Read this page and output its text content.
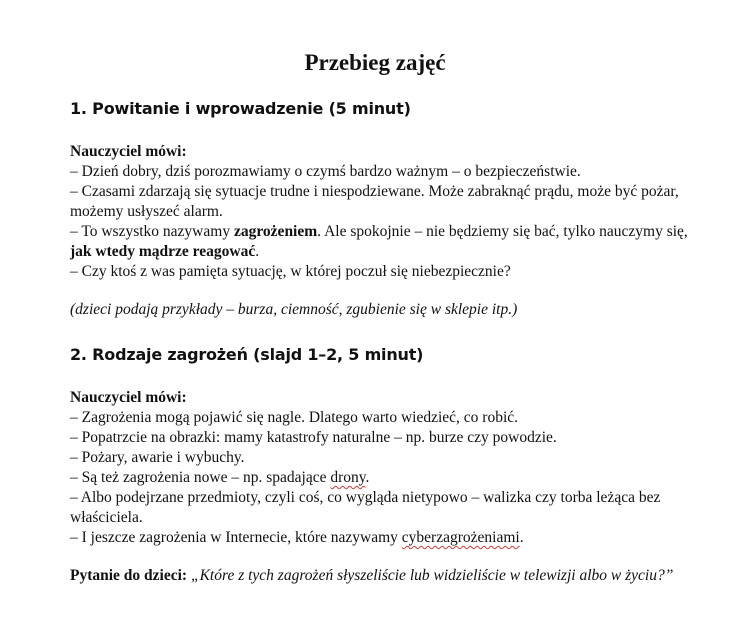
Przebieg zajęć
1. Powitanie i wprowadzenie (5 minut)

Nauczyciel mówi:

– Dzień dobry, dziś porozmawiamy o czymś bardzo ważnym – o bezpieczeństwie.

– Czasami zdarzają się sytuacje trudne i niespodziewane. Może zabraknąć prądu, może być pożar, możemy usłyszeć alarm.

– To wszystko nazywamy zagrożeniem. Ale spokojnie – nie będziemy się bać, tylko nauczymy się, jak wtedy mądrze reagować.

– Czy ktoś z was pamięta sytuację, w której poczuł się niebezpiecznie?

(dzieci podają przykłady – burza, ciemność, zgubienie się w sklepie itp.)
2. Rodzaje zagrożeń (slajd 1–2, 5 minut)

Nauczyciel mówi:

– Zagrożenia mogą pojawić się nagle. Dlatego warto wiedzieć, co robić.

– Popatrzcie na obrazki: mamy katastrofy naturalne – np. burze czy powodzie.

– Pożary, awarie i wybuchy.

– Są też zagrożenia nowe – np. spadające drony.

– Albo podejrzane przedmioty, czyli coś, co wygląda nietypowo – walizka czy torba leżąca bez właściciela.

– I jeszcze zagrożenia w Internecie, które nazywamy cyberzagrożeniami.

Pytanie do dzieci: „Które z tych zagrożeń słyszeliście lub widzieliście w telewizji albo w życiu?”
